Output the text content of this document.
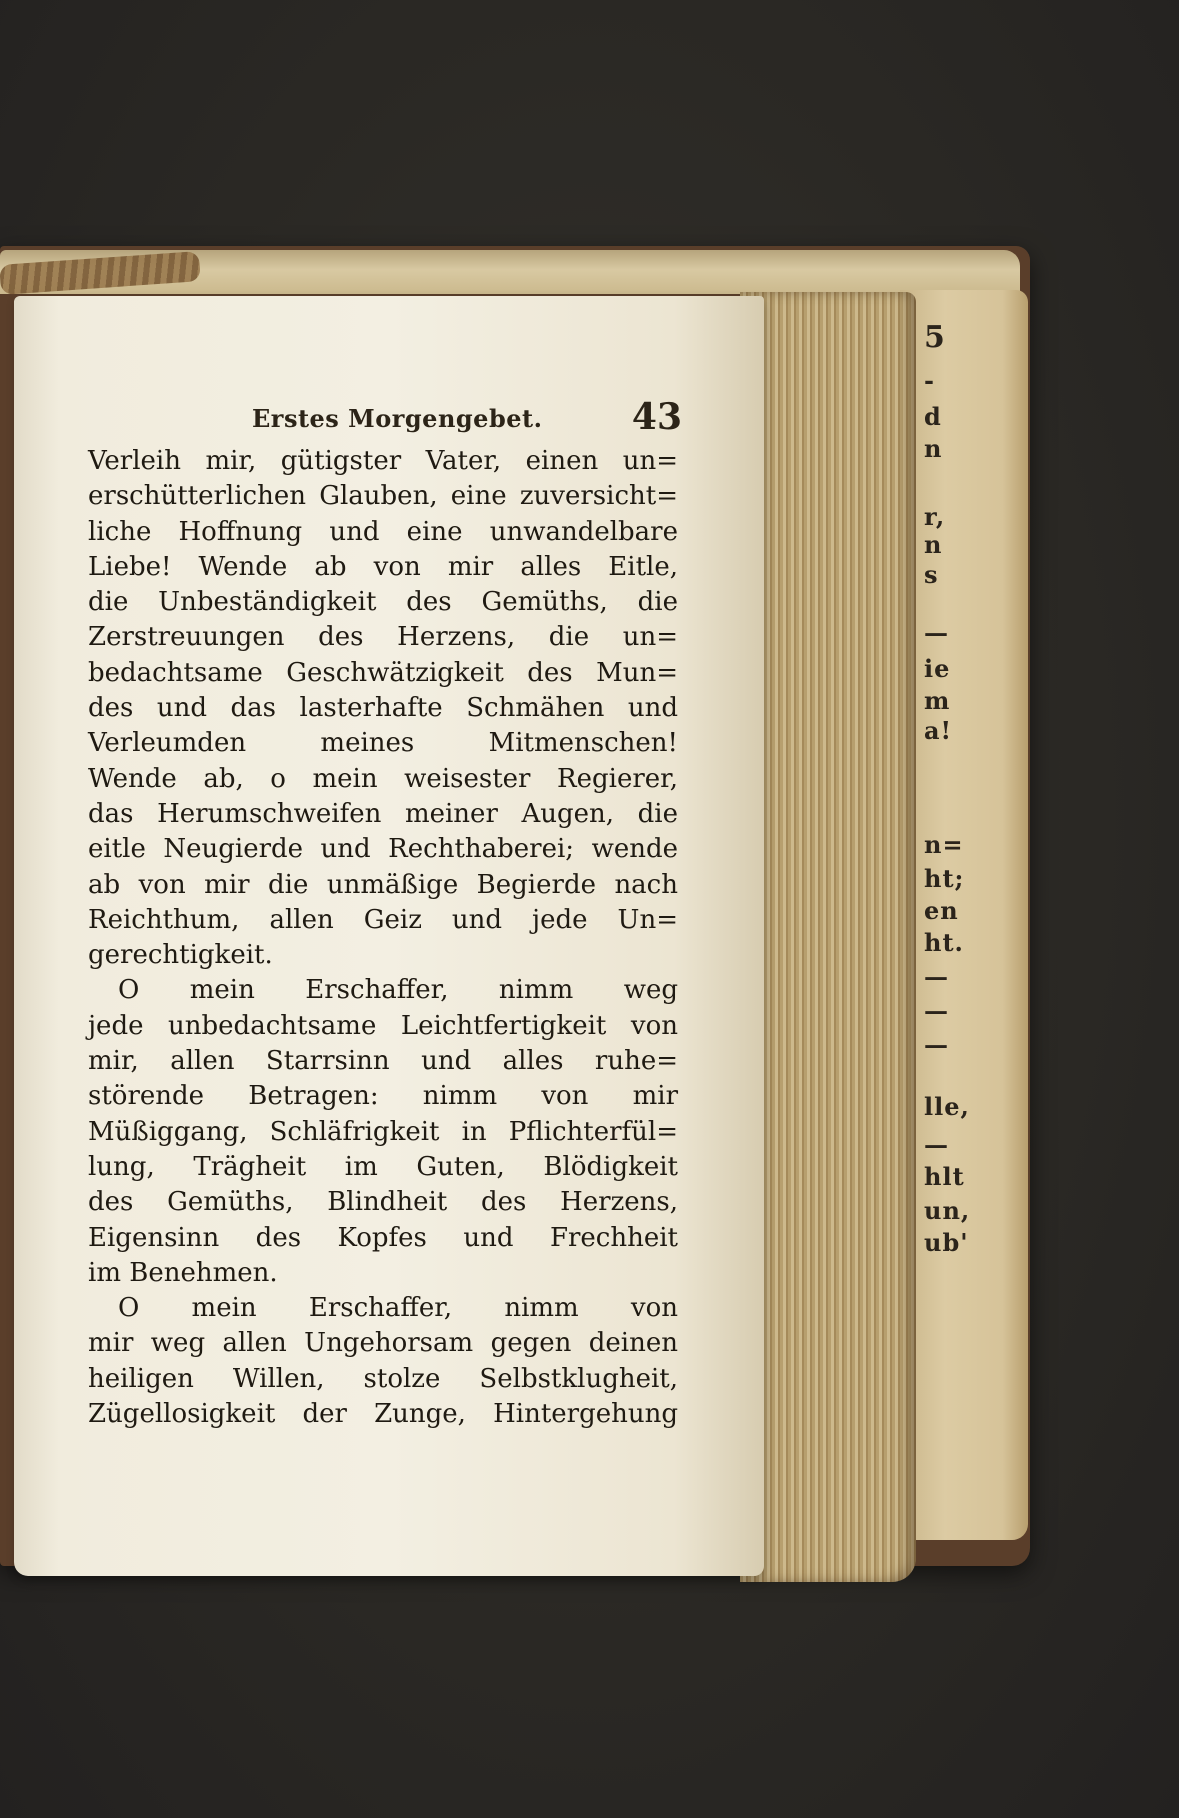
5
-
d
n
r,
n
s
—
ie
m
a!
n=
ht;
en
ht.
—
—
—
lle,
—
hlt
un,
ub'
Erstes Morgengebet. 43
Verleih mir, gütigster Vater, einen un=
erschütterlichen Glauben, eine zuversicht=
liche Hoffnung und eine unwandelbare
Liebe! Wende ab von mir alles Eitle,
die Unbeständigkeit des Gemüths, die
Zerstreuungen des Herzens, die un=
bedachtsame Geschwätzigkeit des Mun=
des und das lasterhafte Schmähen und
Verleumden meines Mitmenschen!
Wende ab, o mein weisester Regierer,
das Herumschweifen meiner Augen, die
eitle Neugierde und Rechthaberei; wende
ab von mir die unmäßige Begierde nach
Reichthum, allen Geiz und jede Un=
gerechtigkeit.
O mein Erschaffer, nimm weg
jede unbedachtsame Leichtfertigkeit von
mir, allen Starrsinn und alles ruhe=
störende Betragen: nimm von mir
Müßiggang, Schläfrigkeit in Pflichterfül=
lung, Trägheit im Guten, Blödigkeit
des Gemüths, Blindheit des Herzens,
Eigensinn des Kopfes und Frechheit
im Benehmen.
O mein Erschaffer, nimm von
mir weg allen Ungehorsam gegen deinen
heiligen Willen, stolze Selbstklugheit,
Zügellosigkeit der Zunge, Hintergehung
